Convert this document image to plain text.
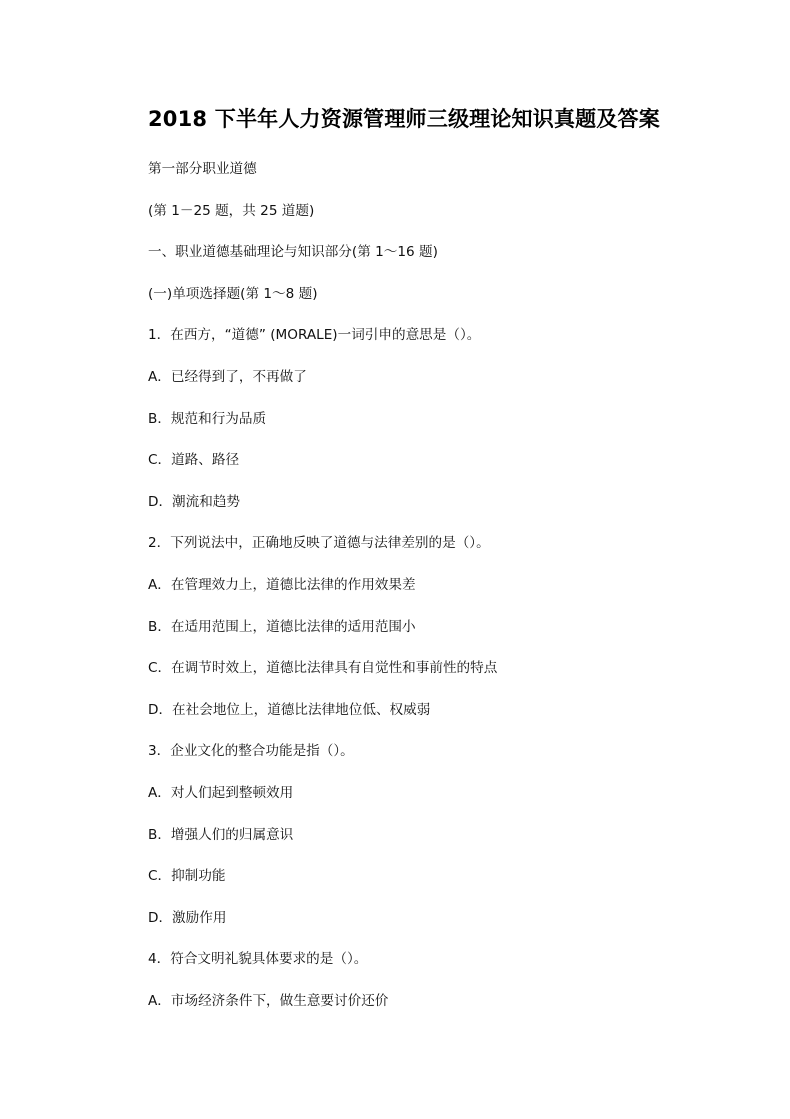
2018 下半年人力资源管理师三级理论知识真题及答案
第一部分职业道德
(第 1－25 题，共 25 道题)
一、职业道德基础理论与知识部分(第 1～16 题)
(一)单项选择题(第 1～8 题)
1．在西方，“道德” (MORALE)一词引申的意思是（）。
A．已经得到了，不再做了
B．规范和行为品质
C．道路、路径
D．潮流和趋势
2．下列说法中，正确地反映了道德与法律差别的是（）。
A．在管理效力上，道德比法律的作用效果差
B．在适用范围上，道德比法律的适用范围小
C．在调节时效上，道德比法律具有自觉性和事前性的特点
D．在社会地位上，道德比法律地位低、权威弱
3．企业文化的整合功能是指（）。
A．对人们起到整顿效用
B．增强人们的归属意识
C．抑制功能
D．激励作用
4．符合文明礼貌具体要求的是（）。
A．市场经济条件下，做生意要讨价还价
